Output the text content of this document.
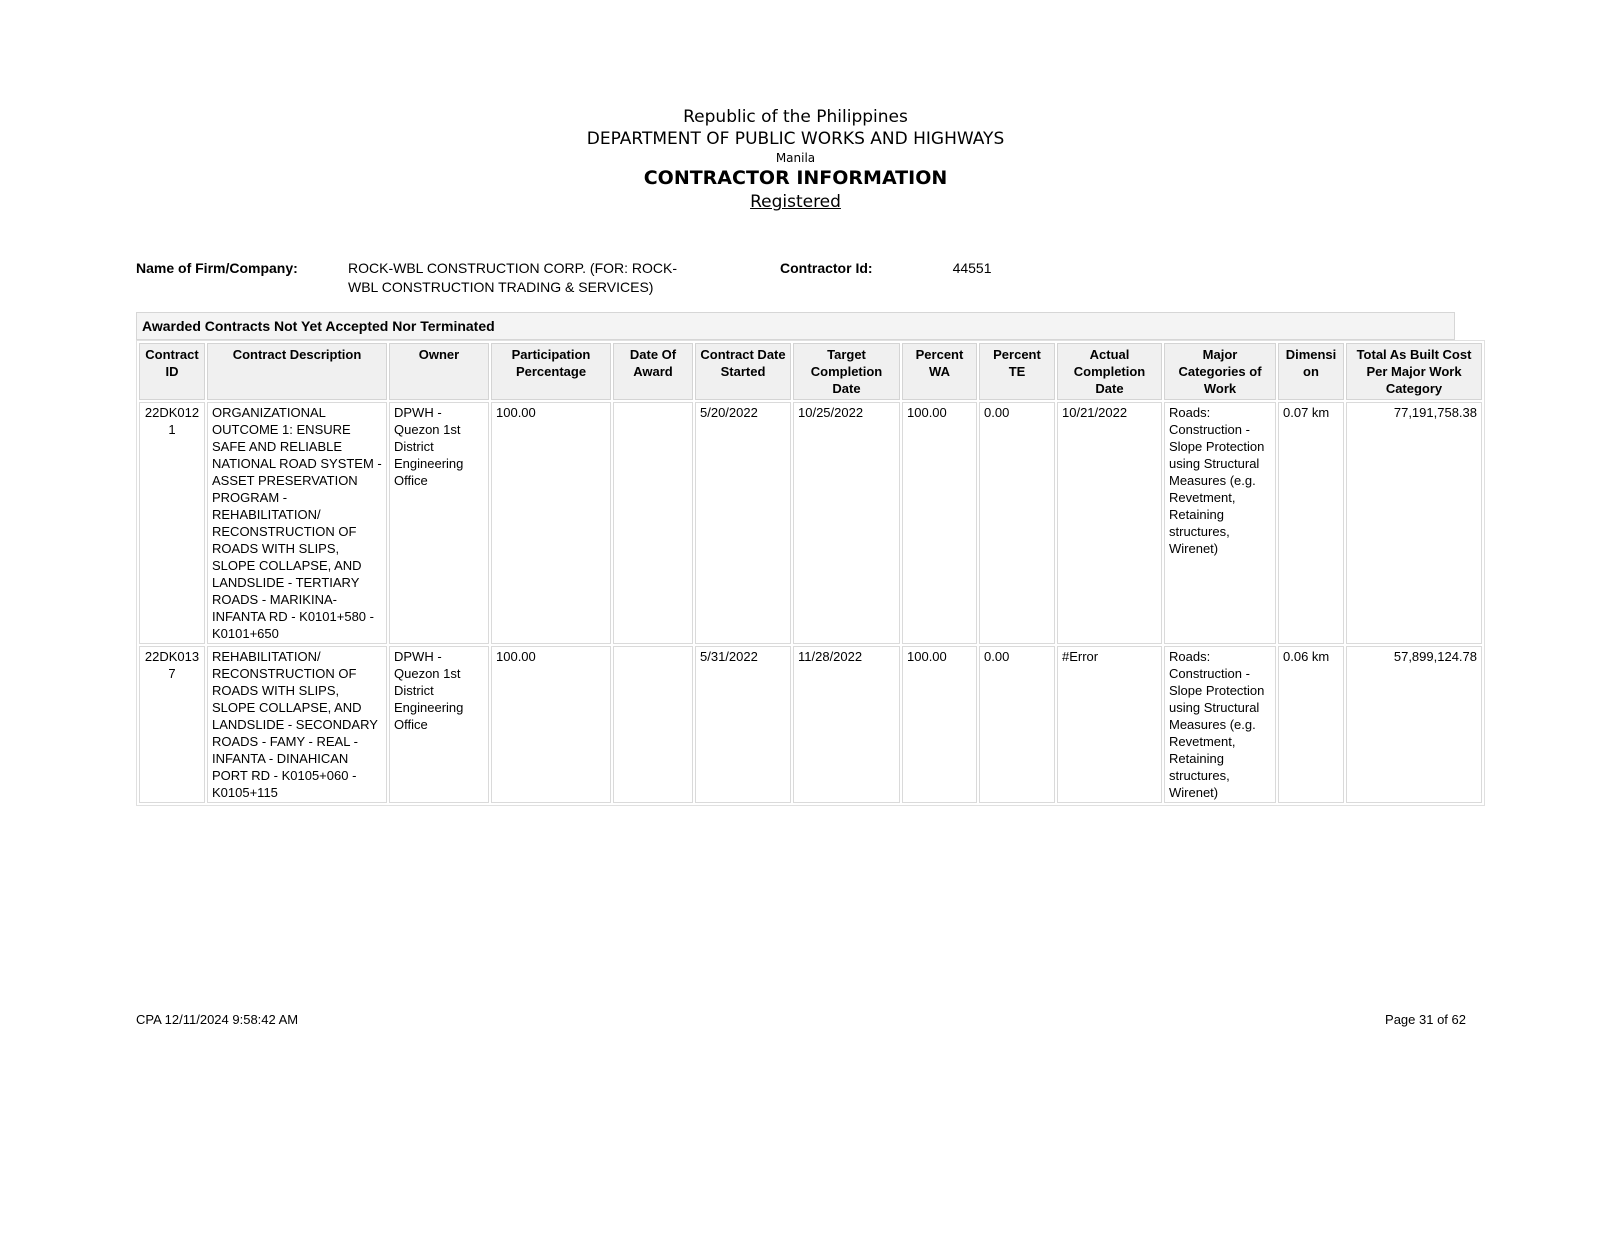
Republic of the Philippines
DEPARTMENT OF PUBLIC WORKS AND HIGHWAYS
Manila
CONTRACTOR INFORMATION
Registered
Name of Firm/Company:	ROCK-WBL CONSTRUCTION CORP. (FOR: ROCK-WBL CONSTRUCTION TRADING & SERVICES)
Contractor Id:	44551
Awarded Contracts Not Yet Accepted Nor Terminated
Contract ID	Contract Description	Owner	Participation Percentage	Date Of Award	Contract Date Started	Target Completion Date	Percent WA	Percent TE	Actual Completion Date	Major Categories of Work	Dimension	Total As Built Cost Per Major Work Category
22DK0121	ORGANIZATIONAL OUTCOME 1: ENSURE SAFE AND RELIABLE NATIONAL ROAD SYSTEM - ASSET PRESERVATION PROGRAM - REHABILITATION/ RECONSTRUCTION OF ROADS WITH SLIPS, SLOPE COLLAPSE, AND LANDSLIDE - TERTIARY ROADS - MARIKINA-INFANTA RD - K0101+580 - K0101+650	DPWH - Quezon 1st District Engineering Office	100.00		5/20/2022	10/25/2022	100.00	0.00	10/21/2022	Roads: Construction - Slope Protection using Structural Measures (e.g. Revetment, Retaining structures, Wirenet)	0.07 km	77,191,758.38
22DK0137	REHABILITATION/ RECONSTRUCTION OF ROADS WITH SLIPS, SLOPE COLLAPSE, AND LANDSLIDE - SECONDARY ROADS - FAMY - REAL - INFANTA - DINAHICAN PORT RD - K0105+060 - K0105+115	DPWH - Quezon 1st District Engineering Office	100.00		5/31/2022	11/28/2022	100.00	0.00	#Error	Roads: Construction - Slope Protection using Structural Measures (e.g. Revetment, Retaining structures, Wirenet)	0.06 km	57,899,124.78
CPA 12/11/2024 9:58:42 AM	Page 31 of 62
